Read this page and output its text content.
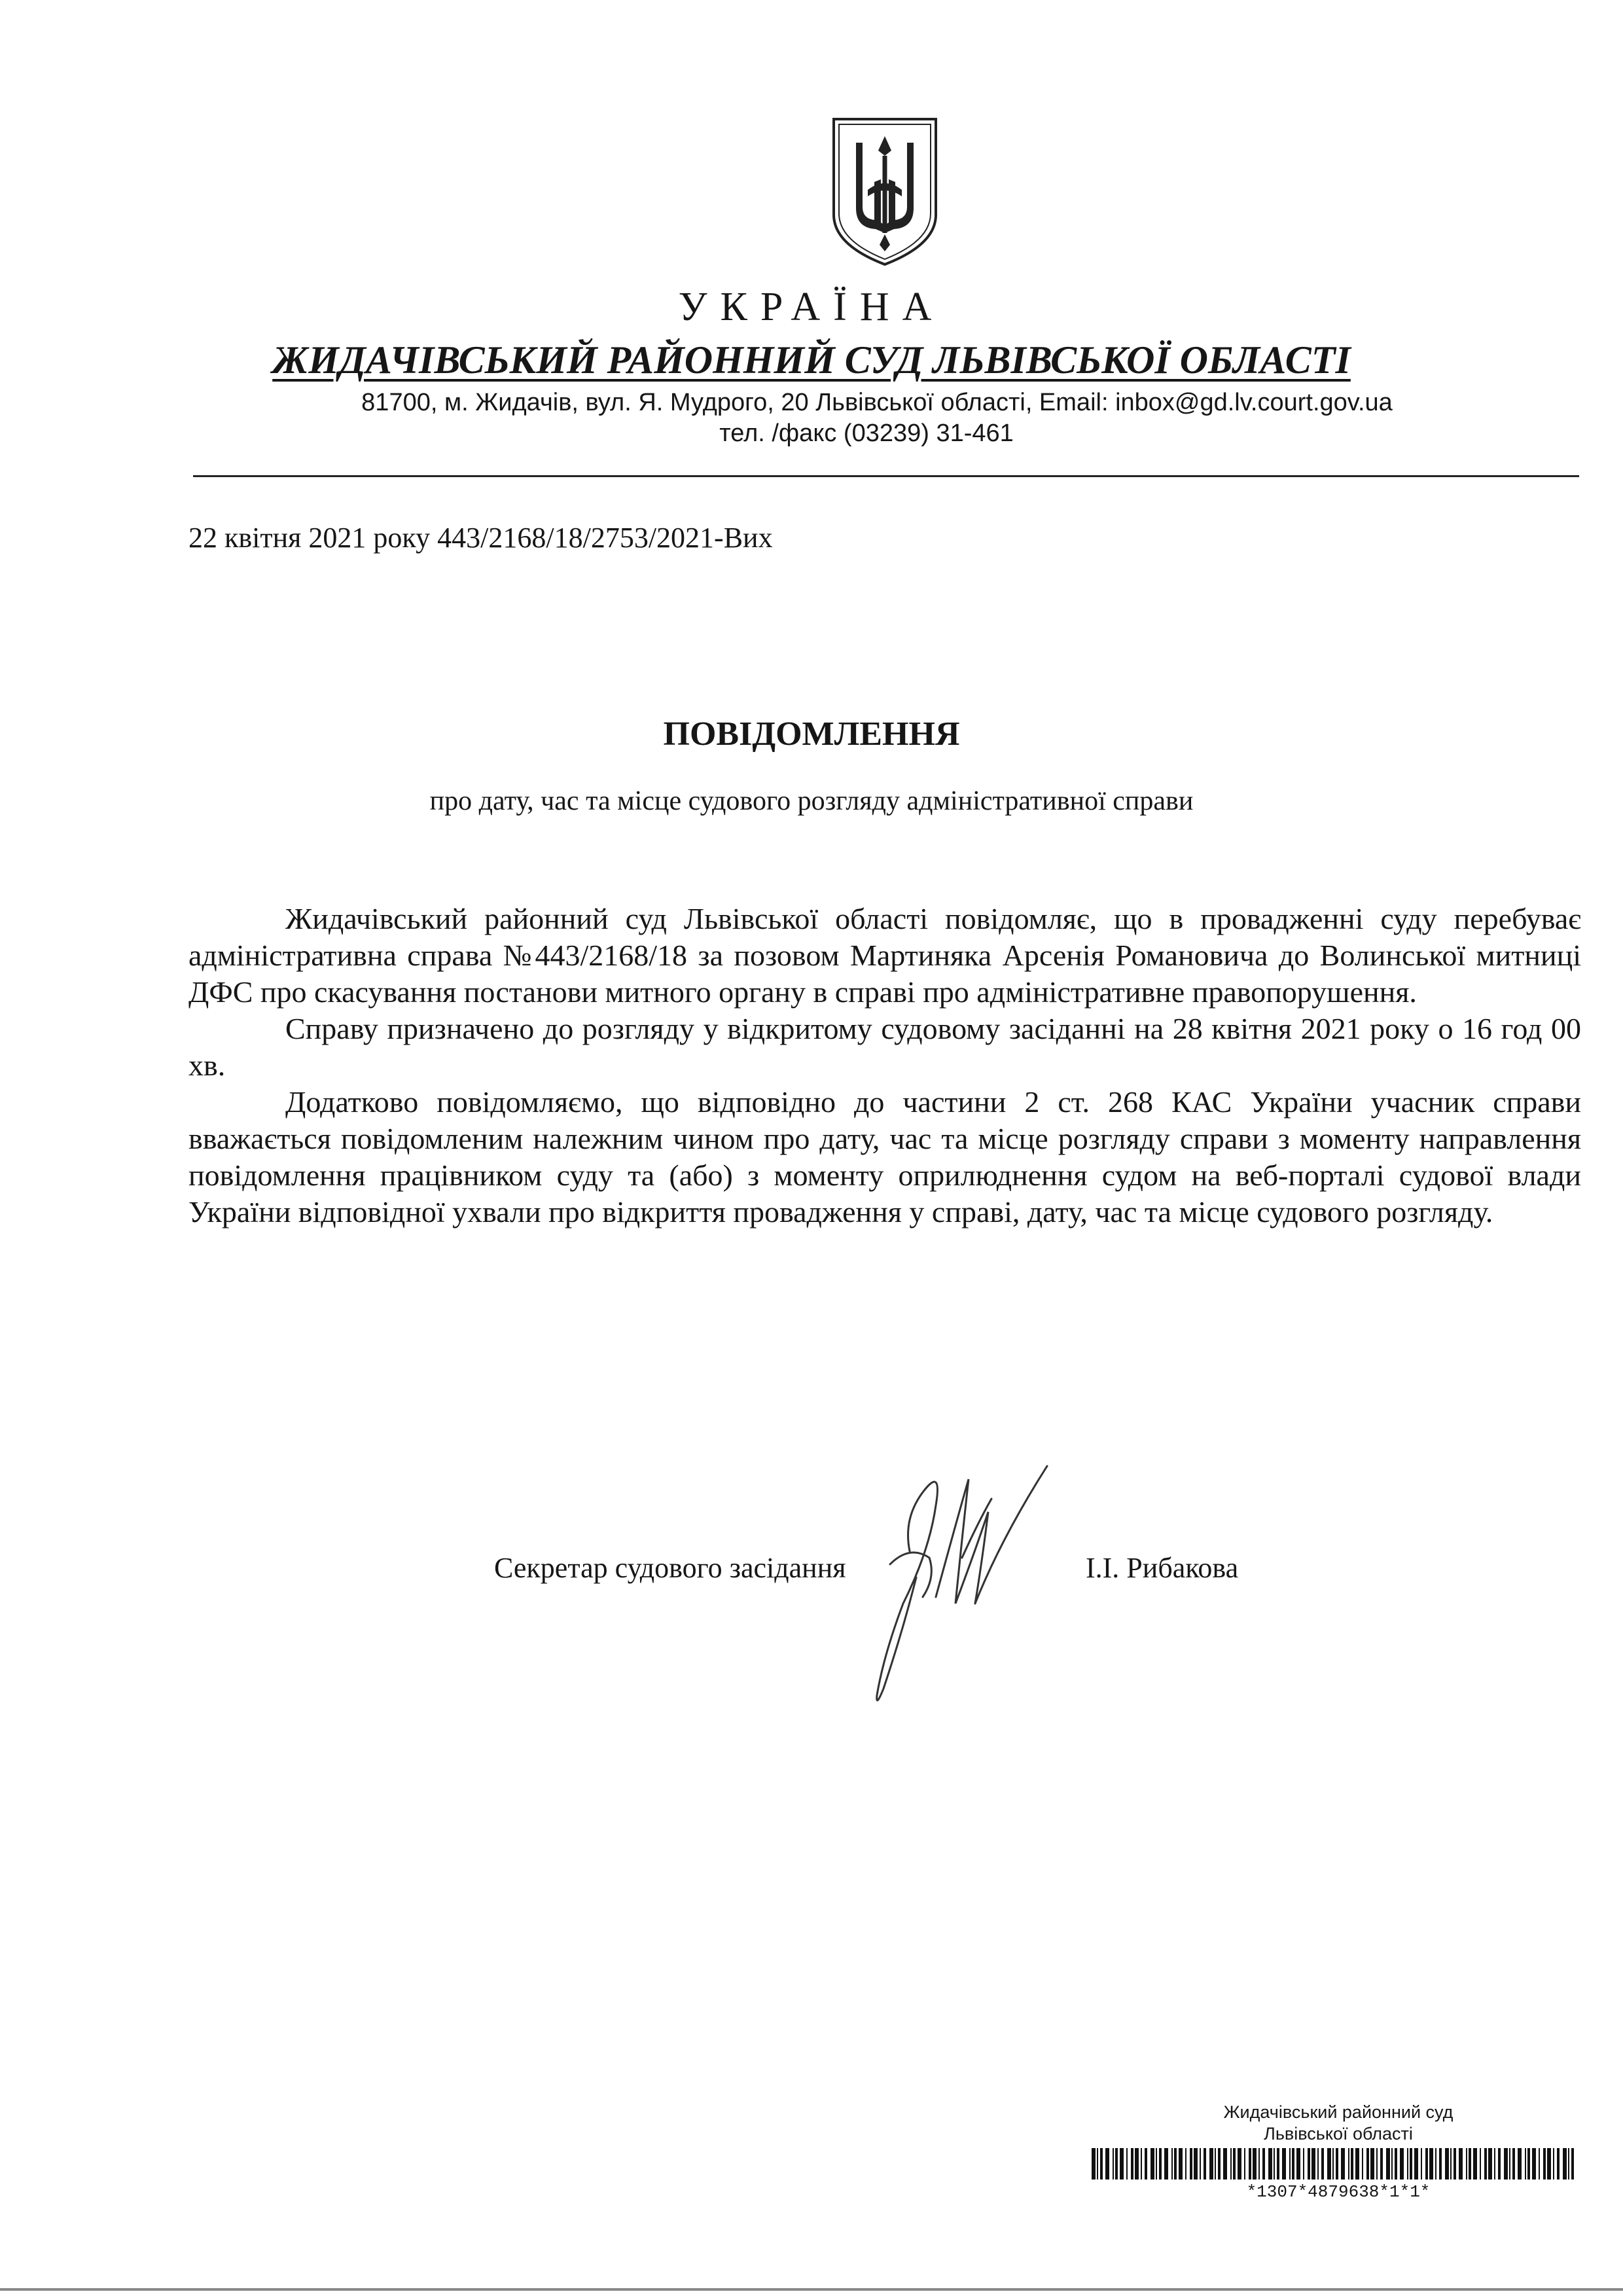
УКРАЇНА
ЖИДАЧІВСЬКИЙ РАЙОННИЙ СУД ЛЬВІВСЬКОЇ ОБЛАСТІ
81700, м. Жидачів, вул. Я. Мудрого, 20 Львівської області, Email: inbox@gd.lv.court.gov.ua
тел. /факс (03239) 31-461
22 квітня 2021 року 443/2168/18/2753/2021-Вих
ПОВІДОМЛЕННЯ
про дату, час та місце судового розгляду адміністративної справи

Жидачівський районний суд Львівської області повідомляє, що в провадженні суду перебуває адміністративна справа №443/2168/18 за позовом Мартиняка Арсенія Романовича до Волинської митниці ДФС про скасування постанови митного органу в справі про адміністративне правопорушення.

Справу призначено до розгляду у відкритому судовому засіданні на 28 квітня 2021 року о 16 год 00 хв.

Додатково повідомляємо, що відповідно до частини 2 ст. 268 КАС України учасник справи вважається повідомленим належним чином про дату, час та місце розгляду справи з моменту направлення повідомлення працівником суду та (або) з моменту оприлюднення судом на веб-порталі судової влади України відповідної ухвали про відкриття провадження у справі, дату, час та місце судового розгляду.

Секретар судового засідання	І.І. Рибакова
Жидачівський районний суд
Львівської області
*1307*4879638*1*1*
